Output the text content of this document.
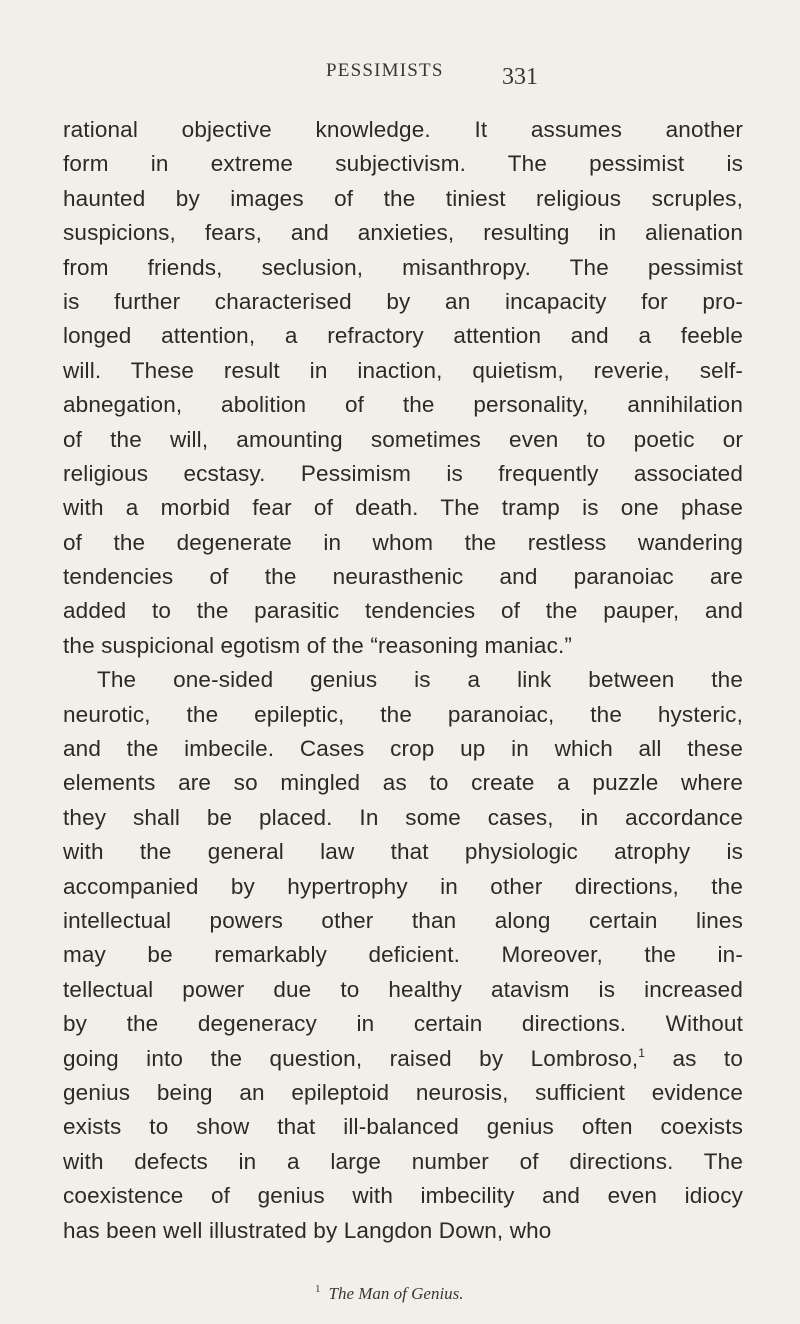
PESSIMISTS 331
rational objective knowledge. It assumes another
form in extreme subjectivism. The pessimist is
haunted by images of the tiniest religious scruples,
suspicions, fears, and anxieties, resulting in alienation
from friends, seclusion, misanthropy. The pessimist
is further characterised by an incapacity for pro-
longed attention, a refractory attention and a feeble
will. These result in inaction, quietism, reverie, self-
abnegation, abolition of the personality, annihilation
of the will, amounting sometimes even to poetic or
religious ecstasy. Pessimism is frequently associated
with a morbid fear of death. The tramp is one phase
of the degenerate in whom the restless wandering
tendencies of the neurasthenic and paranoiac are
added to the parasitic tendencies of the pauper, and
the suspicional egotism of the “reasoning maniac.”
The one-sided genius is a link between the
neurotic, the epileptic, the paranoiac, the hysteric,
and the imbecile. Cases crop up in which all these
elements are so mingled as to create a puzzle where
they shall be placed. In some cases, in accordance
with the general law that physiologic atrophy is
accompanied by hypertrophy in other directions, the
intellectual powers other than along certain lines
may be remarkably deficient. Moreover, the in-
tellectual power due to healthy atavism is increased
by the degeneracy in certain directions. Without
going into the question, raised by Lombroso,$^1$ as to
genius being an epileptoid neurosis, sufficient evidence
exists to show that ill-balanced genius often coexists
with defects in a large number of directions. The
coexistence of genius with imbecility and even idiocy
has been well illustrated by Langdon Down, who
$^1$ The Man of Genius.
